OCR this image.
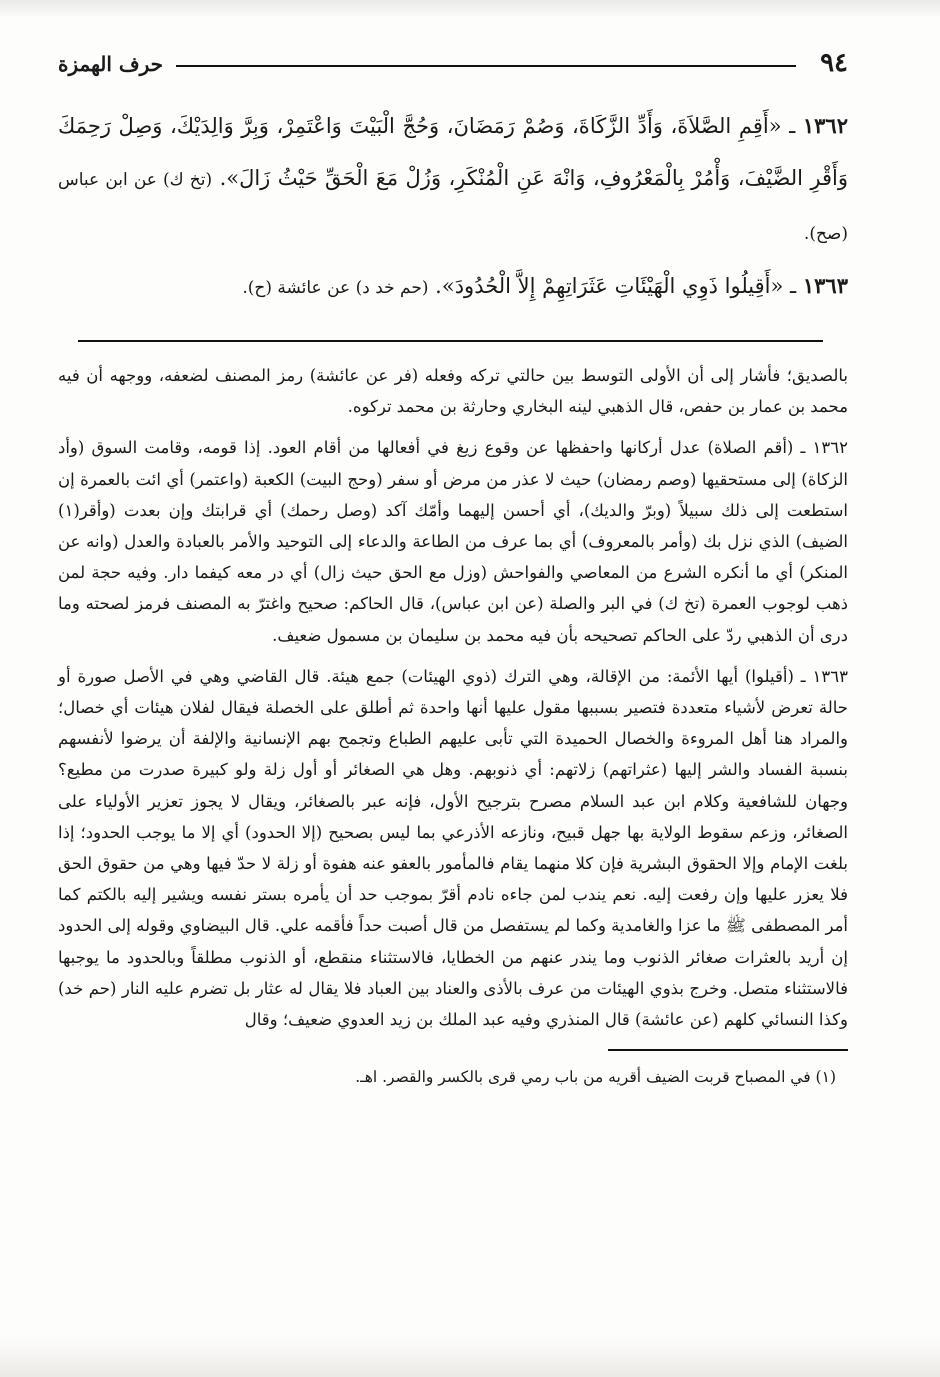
٩٤
حرف الهمزة

١٣٦٢ ـ «أَقِمِ الصَّلاَةَ، وَأَدِّ الزَّكَاةَ، وَصُمْ رَمَضَانَ، وَحُجَّ الْبَيْتَ وَاعْتَمِرْ، وَبِرَّ وَالِدَيْكَ، وَصِلْ رَحِمَكَ وَأَقْرِ الضَّيْفَ، وَأْمُرْ بِالْمَعْرُوفِ، وَانْهَ عَنِ الْمُنْكَرِ، وَزُلْ مَعَ الْحَقِّ حَيْثُ زَالَ». (تخ ك) عن ابن عباس (صح).

١٣٦٣ ـ «أَقِيلُوا ذَوِي الْهَيْئَاتِ عَثَرَاتِهِمْ إِلاَّ الْحُدُودَ». (حم خد د) عن عائشة (ح).

بالصديق؛ فأشار إلى أن الأولى التوسط بين حالتي تركه وفعله (فر عن عائشة) رمز المصنف لضعفه، ووجهه أن فيه محمد بن عمار بن حفص، قال الذهبي لينه البخاري وحارثة بن محمد تركوه.

١٣٦٢ ـ (أقم الصلاة) عدل أركانها واحفظها عن وقوع زيغ في أفعالها من أقام العود. إذا قومه، وقامت السوق (وأد الزكاة) إلى مستحقيها (وصم رمضان) حيث لا عذر من مرض أو سفر (وحج البيت) الكعبة (واعتمر) أي ائت بالعمرة إن استطعت إلى ذلك سبيلاً (وبرّ والديك)، أي أحسن إليهما وأمّك آكد (وصل رحمك) أي قرابتك وإن بعدت (وأقر(١) الضيف) الذي نزل بك (وأمر بالمعروف) أي بما عرف من الطاعة والدعاء إلى التوحيد والأمر بالعبادة والعدل (وانه عن المنكر) أي ما أنكره الشرع من المعاصي والفواحش (وزل مع الحق حيث زال) أي در معه كيفما دار. وفيه حجة لمن ذهب لوجوب العمرة (تخ ك) في البر والصلة (عن ابن عباس)، قال الحاكم: صحيح واغترّ به المصنف فرمز لصحته وما درى أن الذهبي ردّ على الحاكم تصحيحه بأن فيه محمد بن سليمان بن مسمول ضعيف.

١٣٦٣ ـ (أقيلوا) أيها الأئمة: من الإقالة، وهي الترك (ذوي الهيئات) جمع هيئة. قال القاضي وهي في الأصل صورة أو حالة تعرض لأشياء متعددة فتصير بسببها مقول عليها أنها واحدة ثم أطلق على الخصلة فيقال لفلان هيئات أي خصال؛ والمراد هنا أهل المروءة والخصال الحميدة التي تأبى عليهم الطباع وتجمح بهم الإنسانية والإلفة أن يرضوا لأنفسهم بنسبة الفساد والشر إليها (عثراتهم) زلاتهم: أي ذنوبهم. وهل هي الصغائر أو أول زلة ولو كبيرة صدرت من مطيع؟ وجهان للشافعية وكلام ابن عبد السلام مصرح بترجيح الأول، فإنه عبر بالصغائر، ويقال لا يجوز تعزير الأولياء على الصغائر، وزعم سقوط الولاية بها جهل قبيح، ونازعه الأذرعي بما ليس بصحيح (إلا الحدود) أي إلا ما يوجب الحدود؛ إذا بلغت الإمام وإلا الحقوق البشرية فإن كلا منهما يقام فالمأمور بالعفو عنه هفوة أو زلة لا حدّ فيها وهي من حقوق الحق فلا يعزر عليها وإن رفعت إليه. نعم يندب لمن جاءه نادم أقرّ بموجب حد أن يأمره بستر نفسه ويشير إليه بالكتم كما أمر المصطفى ﷺ ما عزا والغامدية وكما لم يستفصل من قال أصبت حداً فأقمه علي. قال البيضاوي وقوله إلى الحدود إن أريد بالعثرات صغائر الذنوب وما يندر عنهم من الخطايا، فالاستثناء منقطع، أو الذنوب مطلقاً وبالحدود ما يوجبها فالاستثناء متصل. وخرج بذوي الهيئات من عرف بالأذى والعناد بين العباد فلا يقال له عثار بل تضرم عليه النار (حم خد) وكذا النسائي كلهم (عن عائشة) قال المنذري وفيه عبد الملك بن زيد العدوي ضعيف؛ وقال

(١) في المصباح قربت الضيف أقريه من باب رمي قرى بالكسر والقصر. اهـ.
